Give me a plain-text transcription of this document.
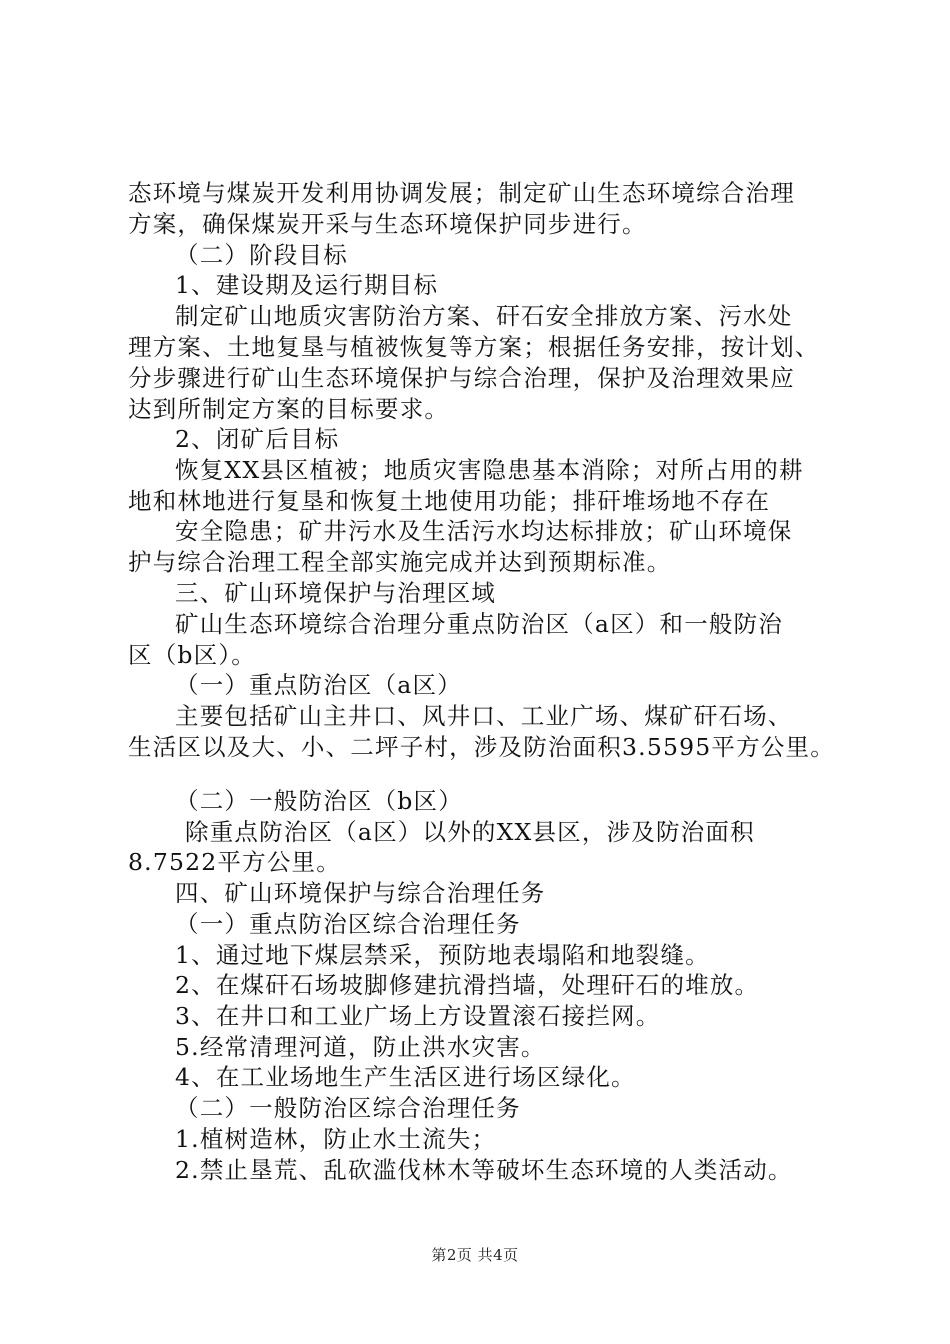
态环境与煤炭开发利用协调发展；制定矿山生态环境综合治理
方案，确保煤炭开采与生态环境保护同步进行。
（二）阶段目标
1、建设期及运行期目标
制定矿山地质灾害防治方案、矸石安全排放方案、污水处
理方案、土地复垦与植被恢复等方案；根据任务安排，按计划、
分步骤进行矿山生态环境保护与综合治理，保护及治理效果应
达到所制定方案的目标要求。
2、闭矿后目标
恢复XX县区植被；地质灾害隐患基本消除；对所占用的耕
地和林地进行复垦和恢复土地使用功能；排矸堆场地不存在
安全隐患；矿井污水及生活污水均达标排放；矿山环境保
护与综合治理工程全部实施完成并达到预期标准。
三、矿山环境保护与治理区域
矿山生态环境综合治理分重点防治区（a区）和一般防治
区（b区）。
（一）重点防治区（a区）
主要包括矿山主井口、风井口、工业广场、煤矿矸石场、
生活区以及大、小、二坪子村，涉及防治面积3.5595平方公里。
（二）一般防治区（b区）
除重点防治区（a区）以外的XX县区，涉及防治面积
8.7522平方公里。
四、矿山环境保护与综合治理任务
（一）重点防治区综合治理任务
1、通过地下煤层禁采，预防地表塌陷和地裂缝。
2、在煤矸石场坡脚修建抗滑挡墙，处理矸石的堆放。
3、在井口和工业广场上方设置滚石接拦网。
5.经常清理河道，防止洪水灾害。
4、在工业场地生产生活区进行场区绿化。
（二）一般防治区综合治理任务
1.植树造林，防止水土流失；
2.禁止垦荒、乱砍滥伐林木等破坏生态环境的人类活动。
第2页 共4页
